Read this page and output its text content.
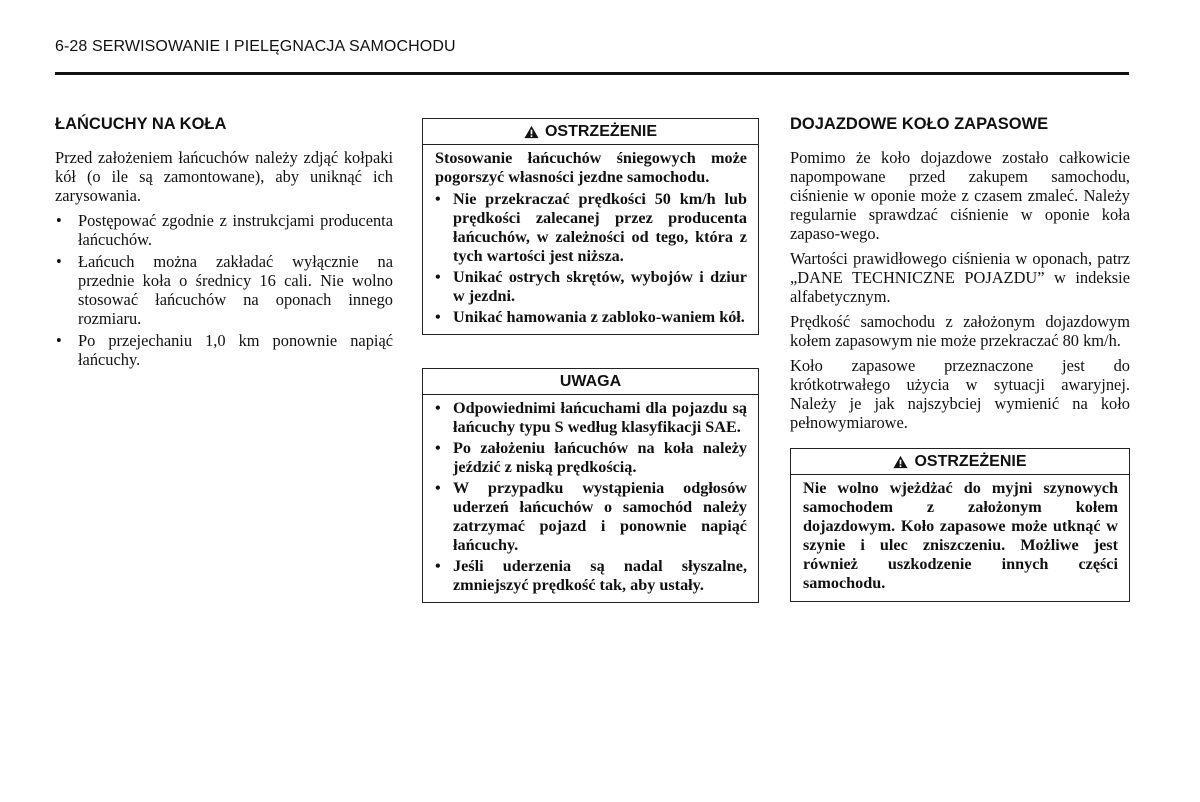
6-28 SERWISOWANIE I PIELĘGNACJA SAMOCHODU
ŁAŃCUCHY NA KOŁA

Przed założeniem łańcuchów należy zdjąć kołpaki kół (o ile są zamontowane), aby uniknąć ich zarysowania.

• Postępować zgodnie z instrukcjami producenta łańcuchów.
• Łańcuch można zakładać wyłącznie na przednie koła o średnicy 16 cali. Nie wolno stosować łańcuchów na oponach innego rozmiaru.
• Po przejechaniu 1,0 km ponownie napiąć łańcuchy.
OSTRZEŻENIE

Stosowanie łańcuchów śniegowych może pogorszyć własności jezdne samochodu.

• Nie przekraczać prędkości 50 km/h lub prędkości zalecanej przez producenta łańcuchów, w zależności od tego, która z tych wartości jest niższa.
• Unikać ostrych skrętów, wybojów i dziur w jezdni.
• Unikać hamowania z zabloko-waniem kół.
UWAGA
• Odpowiednimi łańcuchami dla pojazdu są łańcuchy typu S według klasyfikacji SAE.
• Po założeniu łańcuchów na koła należy jeździć z niską prędkością.
• W przypadku wystąpienia odgłosów uderzeń łańcuchów o samochód należy zatrzymać pojazd i ponownie napiąć łańcuchy.
• Jeśli uderzenia są nadal słyszalne, zmniejszyć prędkość tak, aby ustały.
DOJAZDOWE KOŁO ZAPASOWE

Pomimo że koło dojazdowe zostało całkowicie napompowane przed zakupem samochodu, ciśnienie w oponie może z czasem zmaleć. Należy regularnie sprawdzać ciśnienie w oponie koła zapaso-wego.

Wartości prawidłowego ciśnienia w oponach, patrz „DANE TECHNICZNE POJAZDU” w indeksie alfabetycznym.

Prędkość samochodu z założonym dojazdowym kołem zapasowym nie może przekraczać 80 km/h.

Koło zapasowe przeznaczone jest do krótkotrwałego użycia w sytuacji awaryjnej. Należy je jak najszybciej wymienić na koło pełnowymiarowe.

OSTRZEŻENIE

Nie wolno wjeżdżać do myjni szynowych samochodem z założonym kołem dojazdowym. Koło zapasowe może utknąć w szynie i ulec zniszczeniu. Możliwe jest również uszkodzenie innych części samochodu.
